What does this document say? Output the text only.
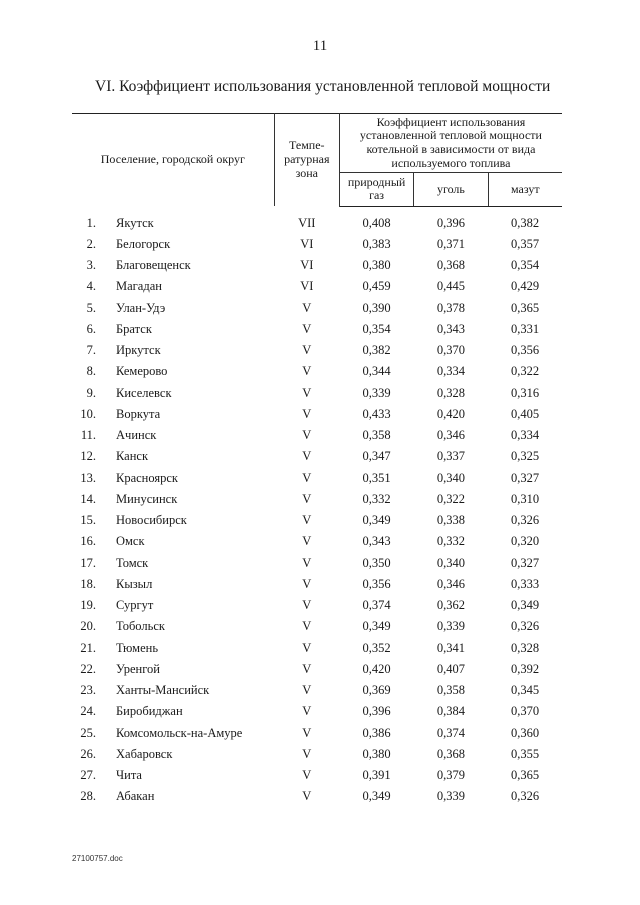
11
VI. Коэффициент использования установленной тепловой мощности
Поселение, городской округ	Темпе-ратурная зона	Коэффициент использования установленной тепловой мощности котельной в зависимости от вида используемого топлива		
		природный газ	уголь	мазут

1. Якутск	VII	0,408	0,396	0,382
2. Белогорск	VI	0,383	0,371	0,357
3. Благовещенск	VI	0,380	0,368	0,354
4. Магадан	VI	0,459	0,445	0,429
5. Улан-Удэ	V	0,390	0,378	0,365
6. Братск	V	0,354	0,343	0,331
7. Иркутск	V	0,382	0,370	0,356
8. Кемерово	V	0,344	0,334	0,322
9. Киселевск	V	0,339	0,328	0,316
10. Воркута	V	0,433	0,420	0,405
11. Ачинск	V	0,358	0,346	0,334
12. Канск	V	0,347	0,337	0,325
13. Красноярск	V	0,351	0,340	0,327
14. Минусинск	V	0,332	0,322	0,310
15. Новосибирск	V	0,349	0,338	0,326
16. Омск	V	0,343	0,332	0,320
17. Томск	V	0,350	0,340	0,327
18. Кызыл	V	0,356	0,346	0,333
19. Сургут	V	0,374	0,362	0,349
20. Тобольск	V	0,349	0,339	0,326
21. Тюмень	V	0,352	0,341	0,328
22. Уренгой	V	0,420	0,407	0,392
23. Ханты-Мансийск	V	0,369	0,358	0,345
24. Биробиджан	V	0,396	0,384	0,370
25. Комсомольск-на-Амуре	V	0,386	0,374	0,360
26. Хабаровск	V	0,380	0,368	0,355
27. Чита	V	0,391	0,379	0,365
28. Абакан	V	0,349	0,339	0,326
27100757.doc
